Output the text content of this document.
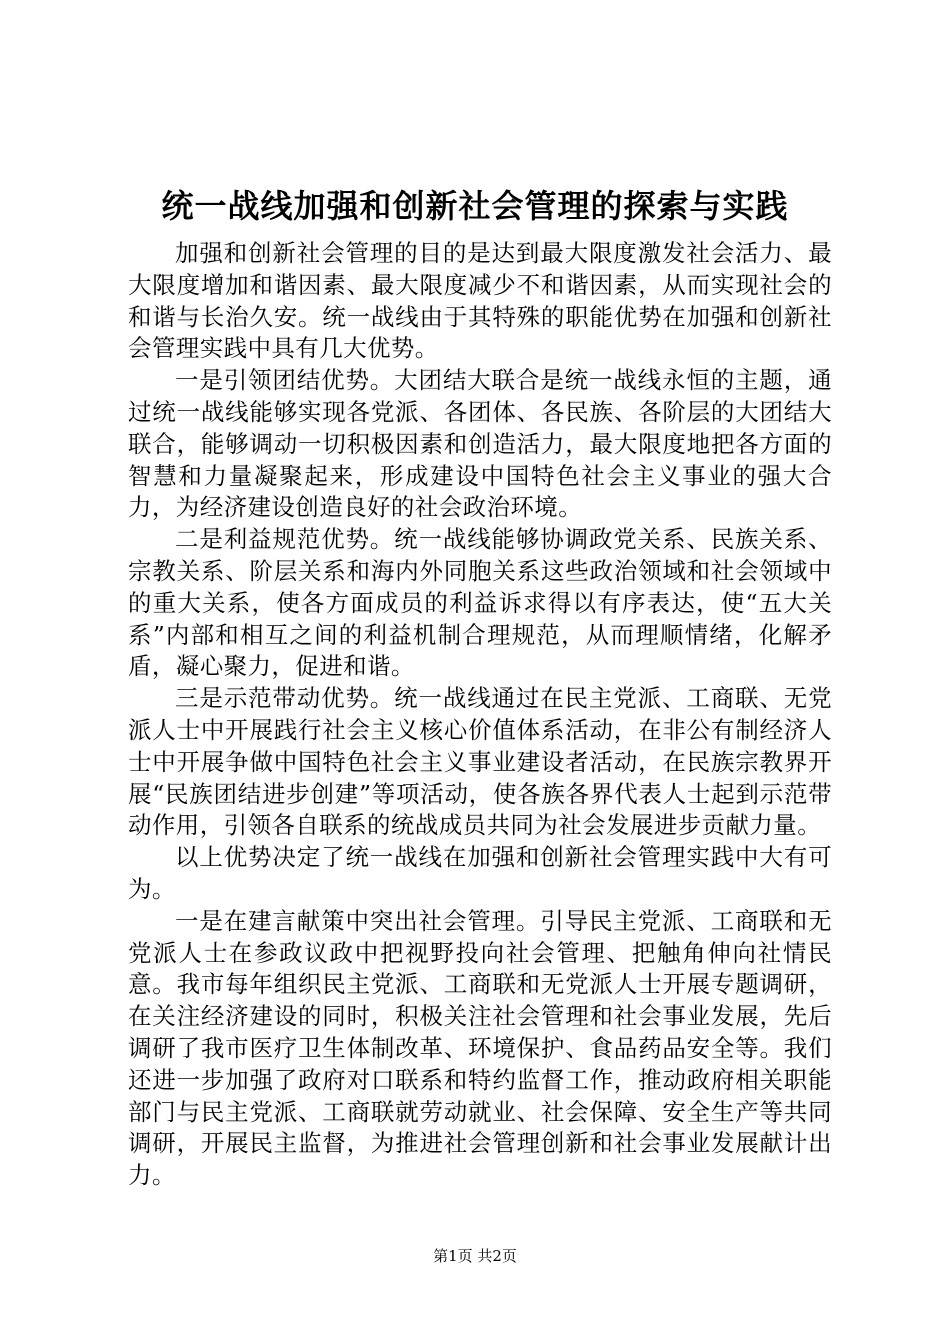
统一战线加强和创新社会管理的探索与实践

加强和创新社会管理的目的是达到最大限度激发社会活力、最大限度增加和谐因素、最大限度减少不和谐因素，从而实现社会的和谐与长治久安。统一战线由于其特殊的职能优势在加强和创新社会管理实践中具有几大优势。

一是引领团结优势。大团结大联合是统一战线永恒的主题，通过统一战线能够实现各党派、各团体、各民族、各阶层的大团结大联合，能够调动一切积极因素和创造活力，最大限度地把各方面的智慧和力量凝聚起来，形成建设中国特色社会主义事业的强大合力，为经济建设创造良好的社会政治环境。

二是利益规范优势。统一战线能够协调政党关系、民族关系、宗教关系、阶层关系和海内外同胞关系这些政治领域和社会领域中的重大关系，使各方面成员的利益诉求得以有序表达，使“五大关系”内部和相互之间的利益机制合理规范，从而理顺情绪，化解矛盾，凝心聚力，促进和谐。

三是示范带动优势。统一战线通过在民主党派、工商联、无党派人士中开展践行社会主义核心价值体系活动，在非公有制经济人士中开展争做中国特色社会主义事业建设者活动，在民族宗教界开展“民族团结进步创建”等项活动，使各族各界代表人士起到示范带动作用，引领各自联系的统战成员共同为社会发展进步贡献力量。

以上优势决定了统一战线在加强和创新社会管理实践中大有可为。

一是在建言献策中突出社会管理。引导民主党派、工商联和无党派人士在参政议政中把视野投向社会管理、把触角伸向社情民意。我市每年组织民主党派、工商联和无党派人士开展专题调研，在关注经济建设的同时，积极关注社会管理和社会事业发展，先后调研了我市医疗卫生体制改革、环境保护、食品药品安全等。我们还进一步加强了政府对口联系和特约监督工作，推动政府相关职能部门与民主党派、工商联就劳动就业、社会保障、安全生产等共同调研，开展民主监督，为推进社会管理创新和社会事业发展献计出力。

第1页 共2页
